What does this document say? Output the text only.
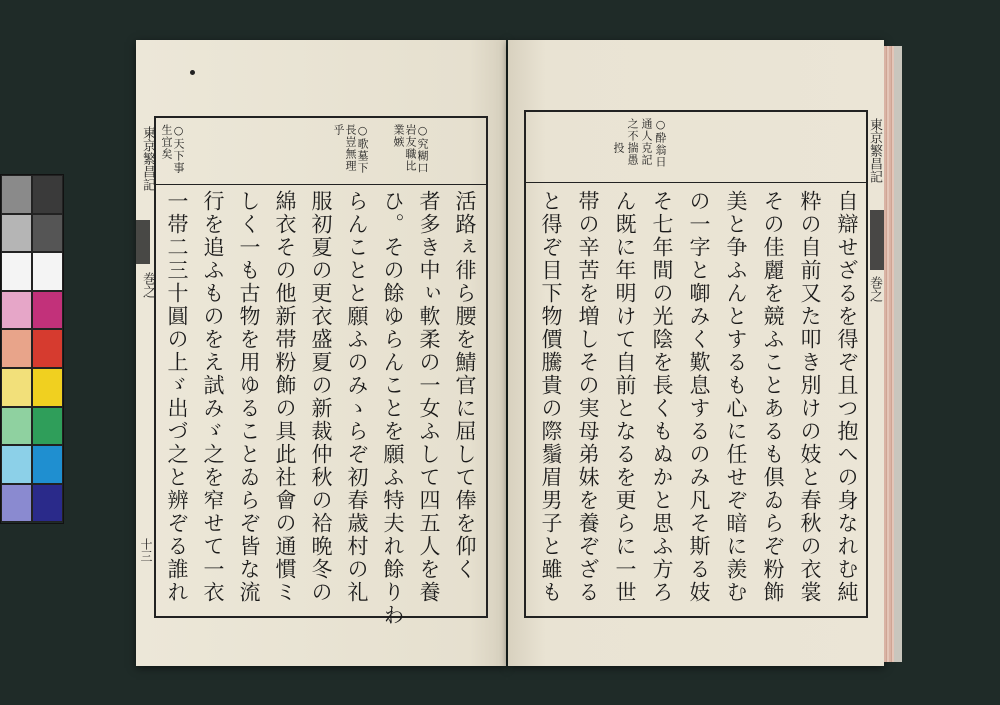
○究糊口
岩友職比
業嫉
○歌墓下
長豈無理
乎
○天下事
生宜矣
活路ぇ徘ら腰を鯖官に屈して俸を仰く
者多き中ぃ軟柔の一女ふして四五人を養
ひ。その餘ゆらんことを願ふ特夫れ餘りわ
らんことと願ふのみゝらぞ初春歳村の礼
服初夏の更衣盛夏の新裁仲秋の袷晩冬の
綿衣その他新帯粉飾の具此社會の通慣ミ
しく一も古物を用ゆることゐらぞ皆な流
行を追ふものをえ試みゞ之を窄せて一衣
一帯二三十圓の上ゞ出づ之と辨ぞる誰れ
東京繁昌記
巻之
十三
○酔翁日
通人克記
之不揣愚
投
自辯せざるを得ぞ且つ抱への身なれむ純
粋の自前又た叩き別けの妓と春秋の衣裳
その佳麗を競ふことあるも倶ゐらぞ粉飾
美と争ふんとするも心に任せぞ暗に羨む
の一字と啣みく歎息するのみ凡そ斯る妓
そ七年間の光陰を長くもぬかと思ふ方ろ
ん既に年明けて自前となるを更らに一世
帯の辛苦を増しその実母弟妹を養ぞざる
と得ぞ目下物價騰貴の際鬚眉男子と雖も
東京繁昌記
巻之
